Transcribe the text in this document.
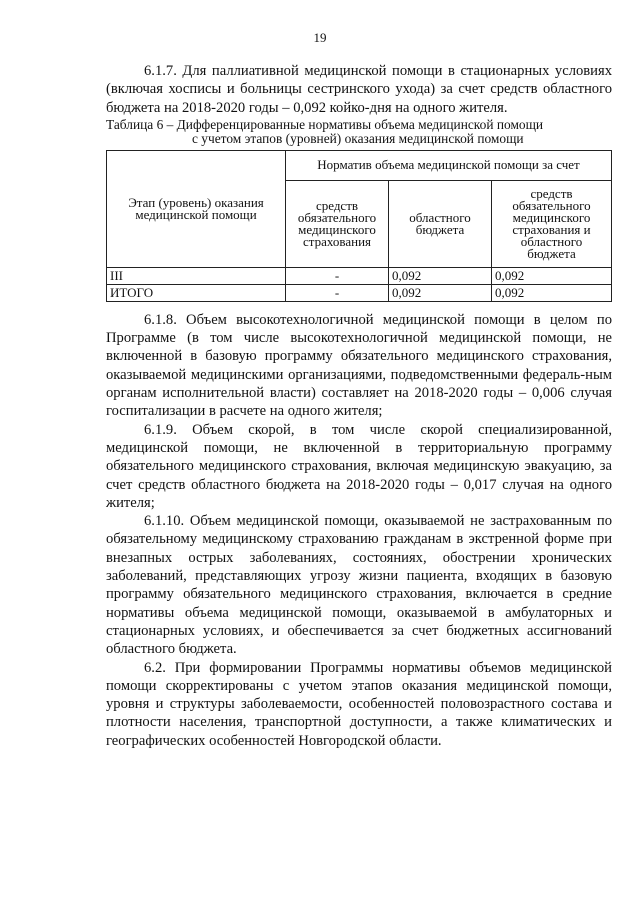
19

6.1.7. Для паллиативной медицинской помощи в стационарных условиях (включая хосписы и больницы сестринского ухода) за счет средств областного бюджета на 2018-2020 годы – 0,092 койко-дня на одного жителя.

Таблица 6 – Дифференцированные нормативы объема медицинской помощи
с учетом этапов (уровней) оказания медицинской помощи
Этап (уровень) оказания медицинской помощи	Норматив объема медицинской помощи за счет		
	средств обязательного медицинского страхования	областного бюджета	средств обязательного медицинского страхования и областного бюджета
III	-	0,092	0,092
ИТОГО	-	0,092	0,092

6.1.8. Объем высокотехнологичной медицинской помощи в целом по Программе (в том числе высокотехнологичной медицинской помощи, не включенной в базовую программу обязательного медицинского страхования, оказываемой медицинскими организациями, подведомственными федераль-ным органам исполнительной власти) составляет на 2018-2020 годы – 0,006 случая госпитализации в расчете на одного жителя;

6.1.9. Объем скорой, в том числе скорой специализированной, медицинской помощи, не включенной в территориальную программу обязательного медицинского страхования, включая медицинскую эвакуацию, за счет средств областного бюджета на 2018-2020 годы – 0,017 случая на одного жителя;

6.1.10. Объем медицинской помощи, оказываемой не застрахованным по обязательному медицинскому страхованию гражданам в экстренной форме при внезапных острых заболеваниях, состояниях, обострении хронических заболеваний, представляющих угрозу жизни пациента, входящих в базовую программу обязательного медицинского страхования, включается в средние нормативы объема медицинской помощи, оказываемой в амбулаторных и стационарных условиях, и обеспечивается за счет бюджетных ассигнований областного бюджета.

6.2. При формировании Программы нормативы объемов медицинской помощи скорректированы с учетом этапов оказания медицинской помощи, уровня и структуры заболеваемости, особенностей половозрастного состава и плотности населения, транспортной доступности, а также климатических и географических особенностей Новгородской области.
